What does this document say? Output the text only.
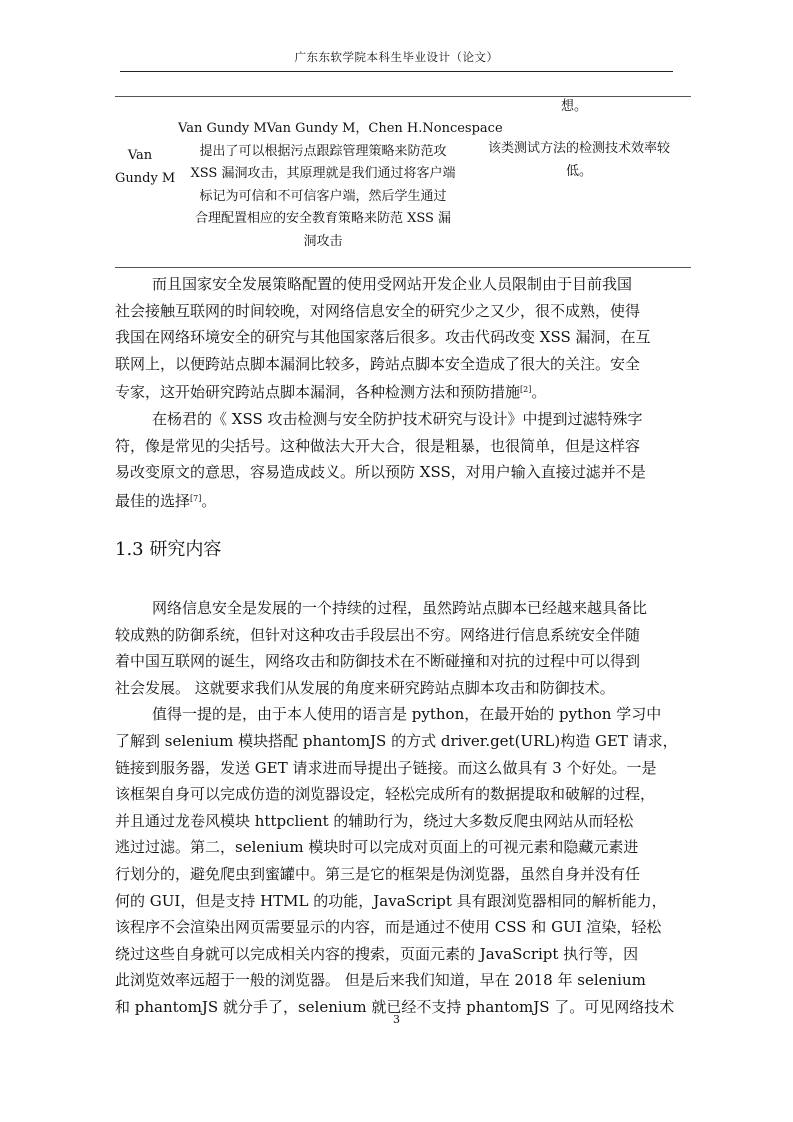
广东东软学院本科生毕业设计（论文）
想。
Van
Gundy M
Van Gundy MVan Gundy M，Chen H.Noncespace
提出了可以根据污点跟踪管理策略来防范攻
XSS 漏洞攻击，其原理就是我们通过将客户端
标记为可信和不可信客户端，然后学生通过
合理配置相应的安全教育策略来防范 XSS 漏
洞攻击
该类测试方法的检测技术效率较
低。

而且国家安全发展策略配置的使用受网站开发企业人员限制由于目前我国
社会接触互联网的时间较晚，对网络信息安全的研究少之又少，很不成熟，使得
我国在网络环境安全的研究与其他国家落后很多。攻击代码改变 XSS 漏洞，在互
联网上，以便跨站点脚本漏洞比较多，跨站点脚本安全造成了很大的关注。安全
专家，这开始研究跨站点脚本漏洞，各种检测方法和预防措施[2]。

在杨君的《 XSS 攻击检测与安全防护技术研究与设计》中提到过滤特殊字
符，像是常见的尖括号。这种做法大开大合，很是粗暴，也很简单，但是这样容
易改变原文的意思，容易造成歧义。所以预防 XSS，对用户输入直接过滤并不是
最佳的选择[7]。

1.3 研究内容

网络信息安全是发展的一个持续的过程，虽然跨站点脚本已经越来越具备比
较成熟的防御系统，但针对这种攻击手段层出不穷。网络进行信息系统安全伴随
着中国互联网的诞生，网络攻击和防御技术在不断碰撞和对抗的过程中可以得到
社会发展。 这就要求我们从发展的角度来研究跨站点脚本攻击和防御技术。

值得一提的是，由于本人使用的语言是 python，在最开始的 python 学习中
了解到 selenium 模块搭配 phantomJS 的方式 driver.get(URL)构造 GET 请求，
链接到服务器，发送 GET 请求进而导提出子链接。而这么做具有 3 个好处。一是
该框架自身可以完成仿造的浏览器设定，轻松完成所有的数据提取和破解的过程，
并且通过龙卷风模块 httpclient 的辅助行为，绕过大多数反爬虫网站从而轻松
逃过过滤。第二，selenium 模块时可以完成对页面上的可视元素和隐藏元素进
行划分的，避免爬虫到蜜罐中。第三是它的框架是伪浏览器，虽然自身并没有任
何的 GUI，但是支持 HTML 的功能，JavaScript 具有跟浏览器相同的解析能力，
该程序不会渲染出网页需要显示的内容，而是通过不使用 CSS 和 GUI 渲染，轻松
绕过这些自身就可以完成相关内容的搜索，页面元素的 JavaScript 执行等，因
此浏览效率远超于一般的浏览器。 但是后来我们知道，早在 2018 年 selenium
和 phantomJS 就分手了，selenium 就已经不支持 phantomJS 了。可见网络技术

3
